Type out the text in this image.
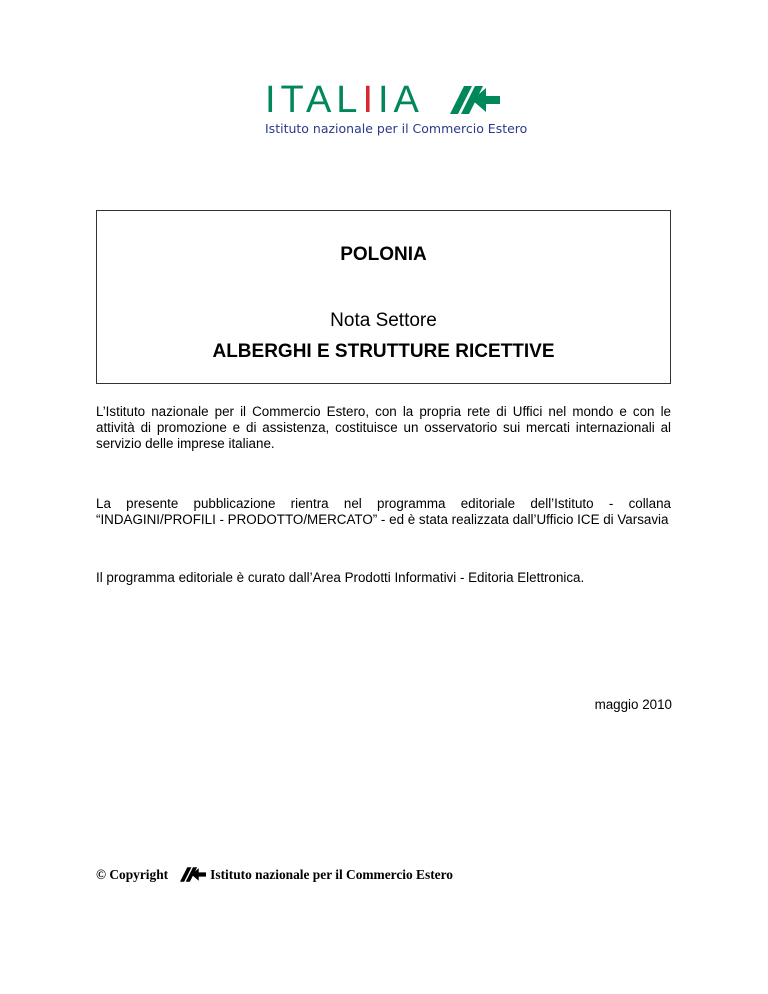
ITALIIA
Istituto nazionale per il Commercio Estero
POLONIA
Nota Settore
ALBERGHI E STRUTTURE RICETTIVE

L’Istituto nazionale per il Commercio Estero, con la propria rete di Uffici nel mondo e con le attività di promozione e di assistenza, costituisce un osservatorio sui mercati internazionali al servizio delle imprese italiane.

La presente pubblicazione rientra nel programma editoriale dell’Istituto - collana “INDAGINI/PROFILI - PRODOTTO/MERCATO” - ed è stata realizzata dall’Ufficio ICE di Varsavia

Il programma editoriale è curato dall’Area Prodotti Informativi - Editoria Elettronica.

maggio 2010
© Copyright	Istituto nazionale per il Commercio Estero
